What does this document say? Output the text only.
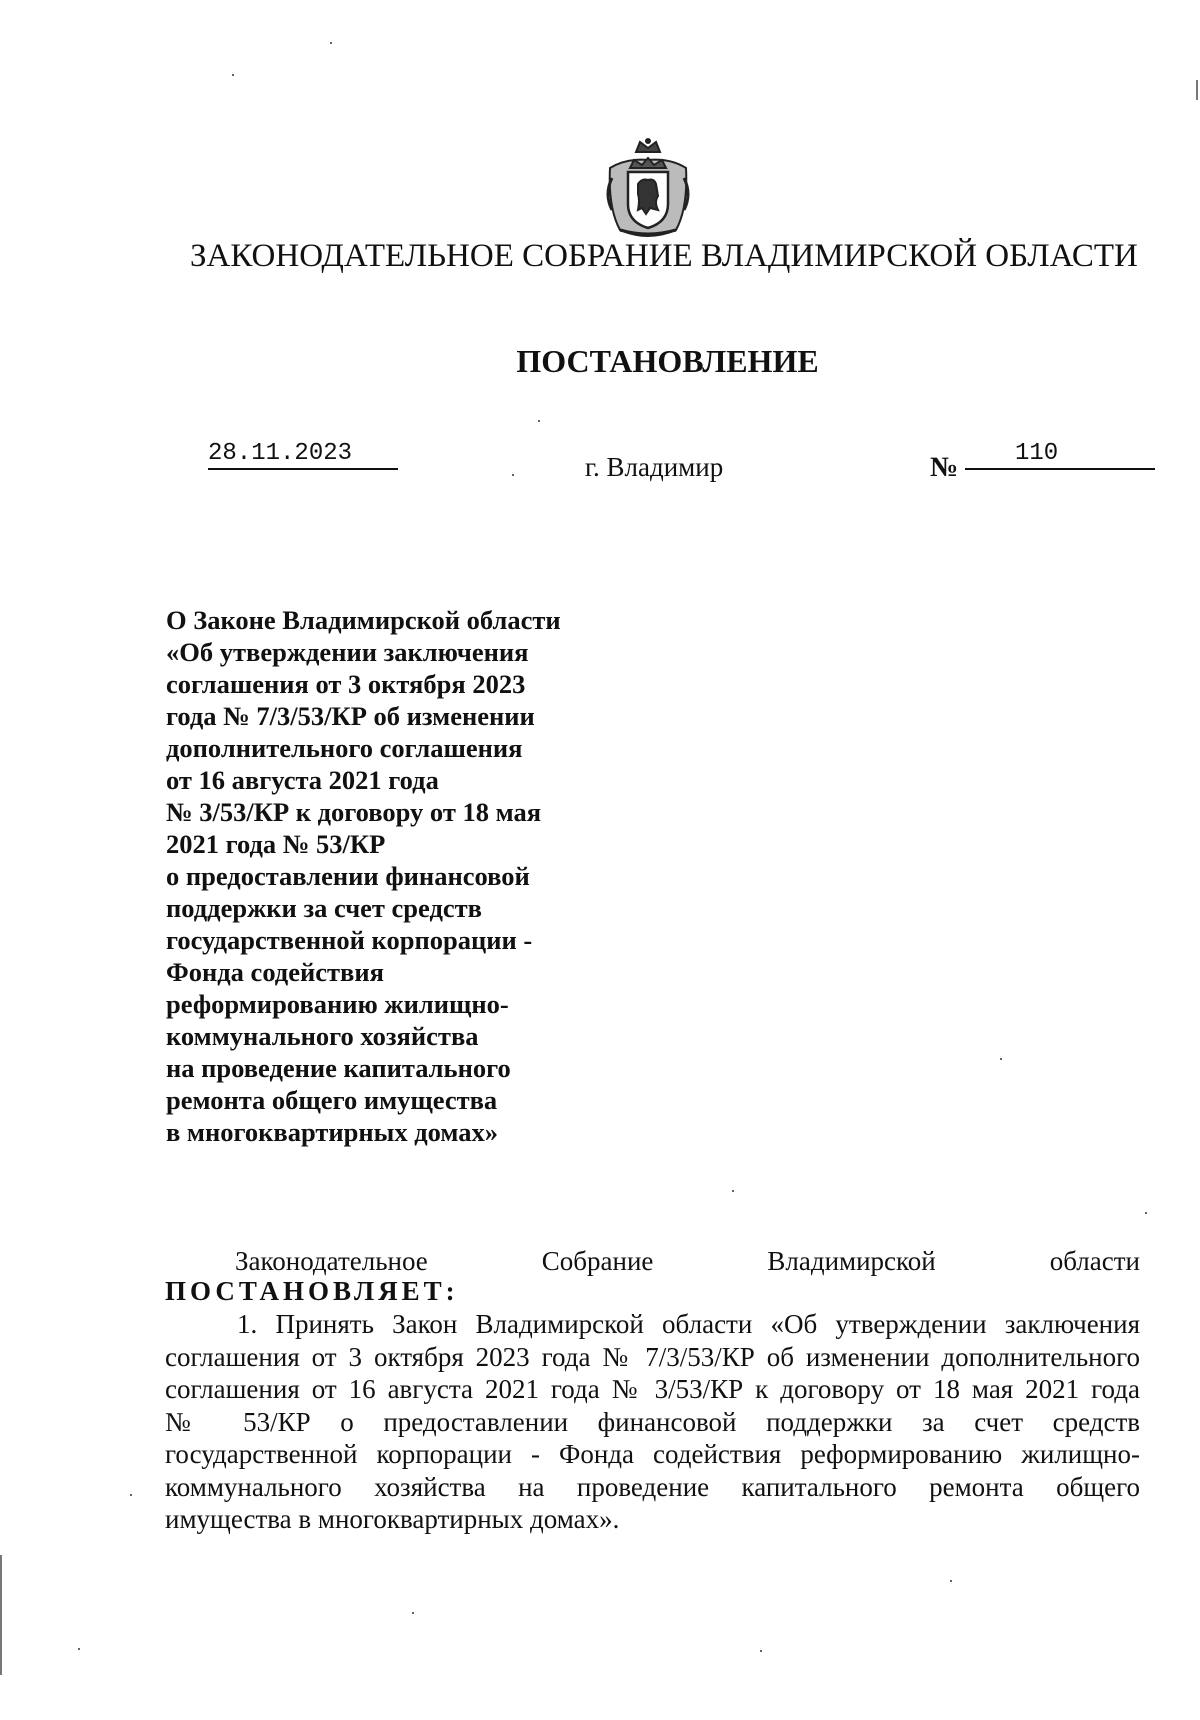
ЗАКОНОДАТЕЛЬНОЕ СОБРАНИЕ ВЛАДИМИРСКОЙ ОБЛАСТИ
ПОСТАНОВЛЕНИЕ
28.11.2023	г. Владимир	№	110
О Законе Владимирской области
«Об утверждении заключения
соглашения от 3 октября 2023
года № 7/3/53/КР об изменении
дополнительного соглашения
от 16 августа 2021 года
№ 3/53/КР к договору от 18 мая
2021 года № 53/КР
о предоставлении финансовой
поддержки за счет средств
государственной корпорации -
Фонда содействия
реформированию жилищно-
коммунального хозяйства
на проведение капитального
ремонта общего имущества
в многоквартирных домах»
Законодательное	Собрание	Владимирской	области
ПОСТАНОВЛЯЕТ:
1. Принять Закон Владимирской области «Об утверждении заключения
соглашения от 3 октября 2023 года № 7/3/53/КР об изменении дополнительного
соглашения от 16 августа 2021 года № 3/53/КР к договору от 18 мая 2021 года
№ 53/КР о предоставлении финансовой поддержки за счет средств
государственной корпорации - Фонда содействия реформированию жилищно-
коммунального хозяйства на проведение капитального ремонта общего
имущества в многоквартирных домах».
